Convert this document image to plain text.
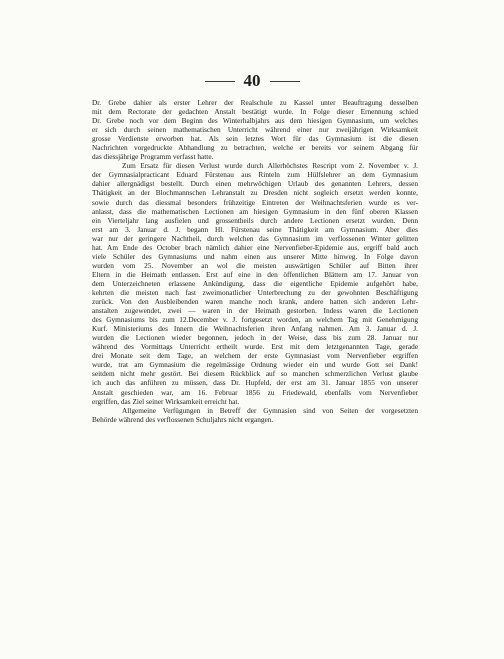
40
Dr. Grebe dahier als erster Lehrer der Realschule zu Kassel unter Beauftragung desselben
mit dem Rectorate der gedachten Anstalt bestätigt wurde. In Folge dieser Ernennung schied
Dr. Grebe noch vor dem Beginn des Winterhalbjahrs aus dem hiesigen Gymnasium, um welches
er sich durch seinen mathematischen Unterricht während einer nur zweijährigen Wirksamkeit
grosse Verdienste erworben hat. Als sein letztes Wort für das Gymnasium ist die diesen
Nachrichten vorgedruckte Abhandlung zu betrachten, welche er bereits vor seinem Abgang für
das diessjährige Programm verfasst hatte.
Zum Ersatz für diesen Verlust wurde durch Allerhöchstes Rescript vom 2. November v. J.
der Gymnasialpracticant Eduard Fürstenau aus Rinteln zum Hülfslehrer an dem Gymnasium
dahier allergnädigst bestellt. Durch einen mehrwöchigen Urlaub des genannten Lehrers, dessen
Thätigkeit an der Blochmannschen Lehranstalt zu Dresden nicht sogleich ersetzt werden konnte,
sowie durch das diessmal besonders frühzeitige Eintreten der Weihnachtsferien wurde es ver-
anlasst, dass die mathematischen Lectionen am hiesigen Gymnasium in den fünf oberen Klassen
ein Vierteljahr lang ausfielen und grossentheils durch andere Lectionen ersetzt wurden. Denn
erst am 3. Januar d. J. begann Hl. Fürstenau seine Thätigkeit am Gymnasium. Aber dies
war nur der geringere Nachtheil, durch welchen das Gymnasium im verflossenen Winter gelitten
hat. Am Ende des October brach nämlich dahier eine Nervenfieber-Epidemie aus, ergriff bald auch
viele Schüler des Gymnasiums und nahm einen aus unserer Mitte hinweg. In Folge davon
wurden vom 25. November an wol die meisten auswärtigen Schüler auf Bitten ihrer
Eltern in die Heimath entlassen. Erst auf eine in den öffentlichen Blättern am 17. Januar von
dem Unterzeichneten erlassene Ankündigung, dass die eigentliche Epidemie aufgehört habe,
kehrten die meisten nach fast zweimonatlicher Unterbrechung zu der gewohnten Beschäftigung
zurück. Von den Ausbleibenden waren manche noch krank, andere hatten sich anderen Lehr-
anstalten zugewendet, zwei — waren in der Heimath gestorben. Indess waren die Lectionen
des Gymnasiums bis zum 12.December v. J. fortgesetzt worden, an welchem Tag mit Genehmigung
Kurf. Ministeriums des Innern die Weihnachtsferien ihren Anfang nahmen. Am 3. Januar d. J.
wurden die Lectionen wieder begonnen, jedoch in der Weise, dass bis zum 28. Januar nur
während des Vormittags Unterricht ertheilt wurde. Erst mit dem letztgenannten Tage, gerade
drei Monate seit dem Tage, an welchem der erste Gymnasiast vom Nervenfieber ergriffen
wurde, trat am Gymnasium die regelmässige Ordnung wieder ein und wurde Gott sei Dank!
seitdem nicht mehr gestört. Bei diesem Rückblick auf so manchen schmerzlichen Verlust glaube
ich auch das anführen zu müssen, dass Dr. Hupfeld, der erst am 31. Januar 1855 von unserer
Anstalt geschieden war, am 16. Februar 1856 zu Friedewald, ebenfalls vom Nervenfieber
ergriffen, das Ziel seiner Wirksamkeit erreicht hat.
Allgemeine Verfügungen in Betreff der Gymnasien sind von Seiten der vorgesetzten
Behörde während des verflossenen Schuljahrs nicht ergangen.
